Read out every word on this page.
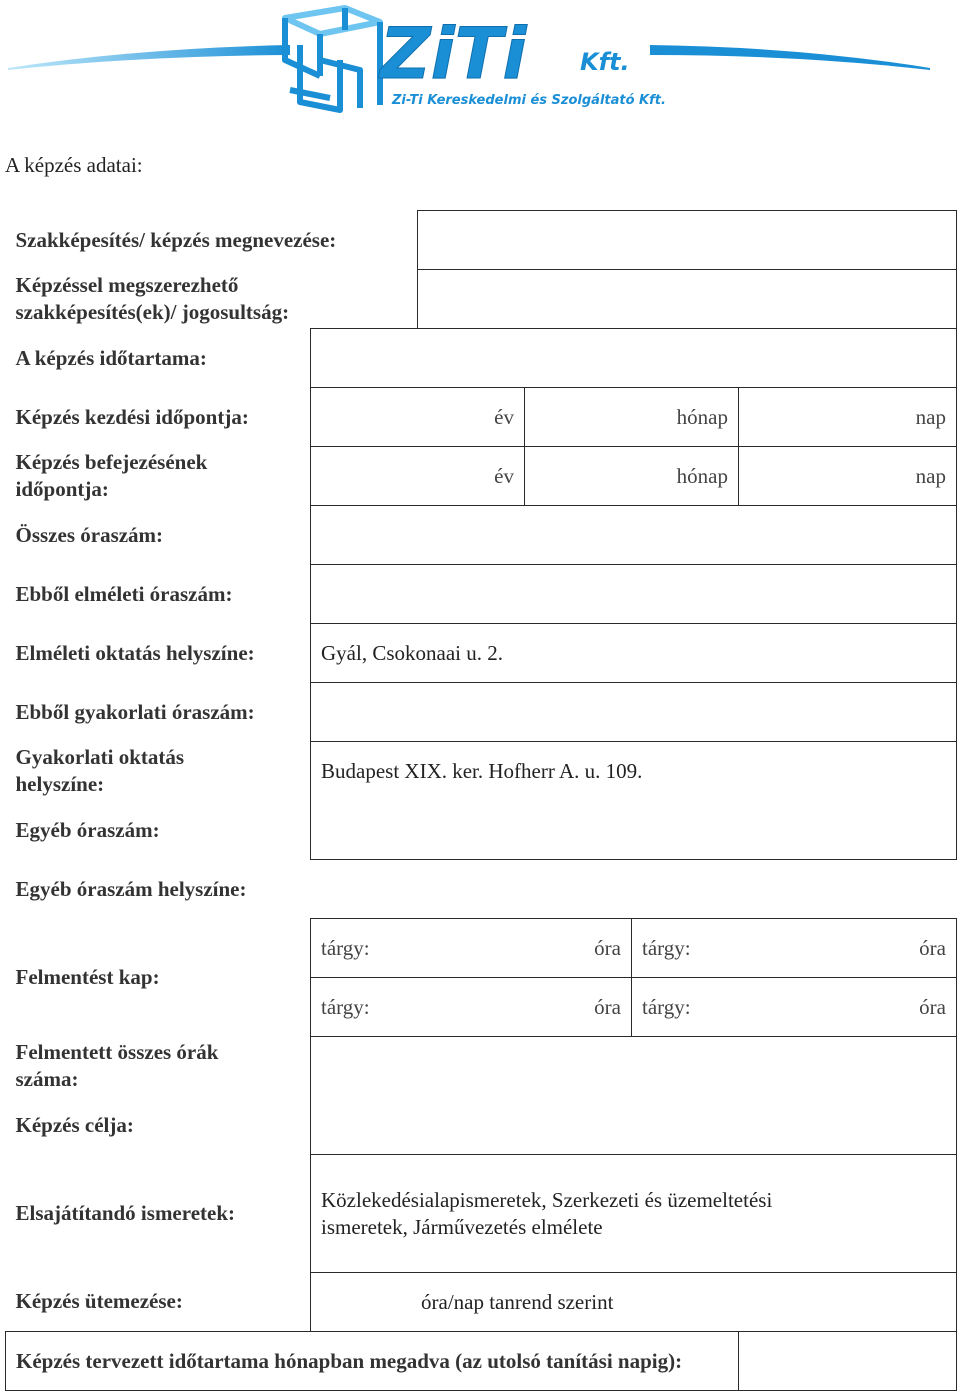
ZiTi Kft.
Zi-Ti Kereskedelmi és Szolgáltató Kft.
A képzés adatai:
Szakképesítés/ képzés megnevezése:						
Képzéssel megszerezhető
szakképesítés(ek)/ jogosultság:						
A képzés időtartama:						
Képzés kezdési időpontja:	év		hónap		nap	
Képzés befejezésének
időpontja:	év		hónap		nap	
Összes óraszám:						
Ebből elméleti óraszám:						
Elméleti oktatás helyszíne:	Gyál, Csokonaai u. 2.					
Ebből gyakorlati óraszám:						
Gyakorlati oktatás
helyszíne:	Budapest XIX. ker. Hofherr A. u. 109.					
Egyéb óraszám:						
Egyéb óraszám helyszíne:						
Felmentést kap:	tárgy:		óra	tárgy:		óra
	tárgy:		óra	tárgy:		óra
Felmentett összes órák
száma:						
Képzés célja:						
Elsajátítandó ismeretek:	Közlekedésialapismeretek, Szerkezeti és üzemeltetési
ismeretek, Járművezetés elmélete					
Képzés ütemezése:	óra/nap tanrend szerint					
Képzés tervezett időtartama hónapban megadva (az utolsó tanítási napig):						
